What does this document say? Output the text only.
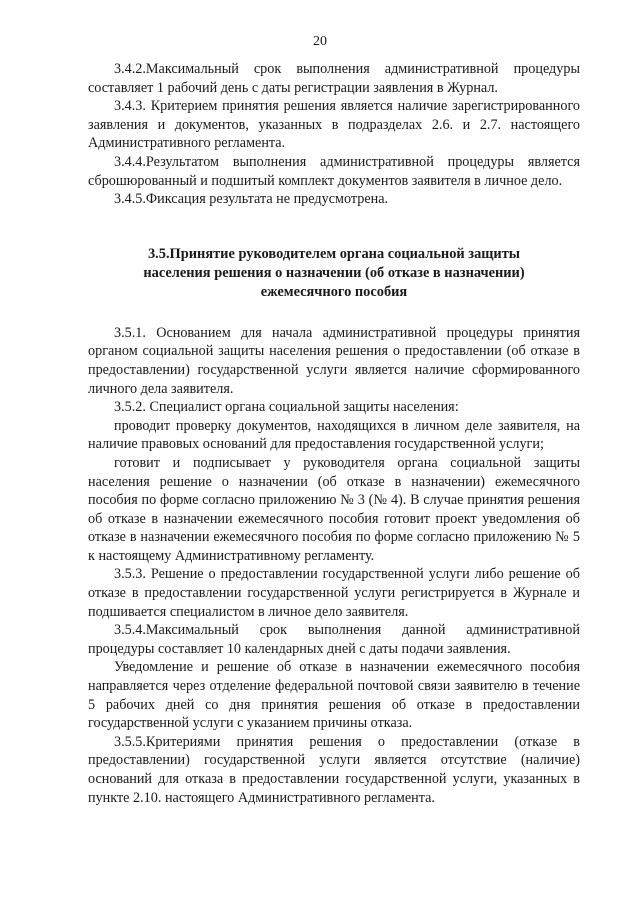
20

3.4.2.Максимальный срок выполнения административной процедуры составляет 1 рабочий день с даты регистрации заявления в Журнал.

3.4.3. Критерием принятия решения является наличие зарегистрированного заявления и документов, указанных в подразделах 2.6. и 2.7. настоящего Административного регламента.

3.4.4.Результатом выполнения административной процедуры является сброшюрованный и подшитый комплект документов заявителя в личное дело.

3.4.5.Фиксация результата не предусмотрена.

3.5.Принятие руководителем органа социальной защиты
населения решения о назначении (об отказе в назначении)
ежемесячного пособия

3.5.1. Основанием для начала административной процедуры принятия органом социальной защиты населения решения о предоставлении (об отказе в предоставлении) государственной услуги является наличие сформированного личного дела заявителя.

3.5.2. Специалист органа социальной защиты населения:

проводит проверку документов, находящихся в личном деле заявителя, на наличие правовых оснований для предоставления государственной услуги;

готовит и подписывает у руководителя органа социальной защиты населения решение о назначении (об отказе в назначении) ежемесячного пособия по форме согласно приложению № 3 (№ 4). В случае принятия решения об отказе в назначении ежемесячного пособия готовит проект уведомления об отказе в назначении ежемесячного пособия по форме согласно приложению № 5 к настоящему Административному регламенту.

3.5.3. Решение о предоставлении государственной услуги либо решение об отказе в предоставлении государственной услуги регистрируется в Журнале и подшивается специалистом в личное дело заявителя.

3.5.4.Максимальный срок выполнения данной административной процедуры составляет 10 календарных дней с даты подачи заявления.

Уведомление и решение об отказе в назначении ежемесячного пособия направляется через отделение федеральной почтовой связи заявителю в течение 5 рабочих дней со дня принятия решения об отказе в предоставлении государственной услуги с указанием причины отказа.

3.5.5.Критериями принятия решения о предоставлении (отказе в предоставлении) государственной услуги является отсутствие (наличие) оснований для отказа в предоставлении государственной услуги, указанных в пункте 2.10. настоящего Административного регламента.
